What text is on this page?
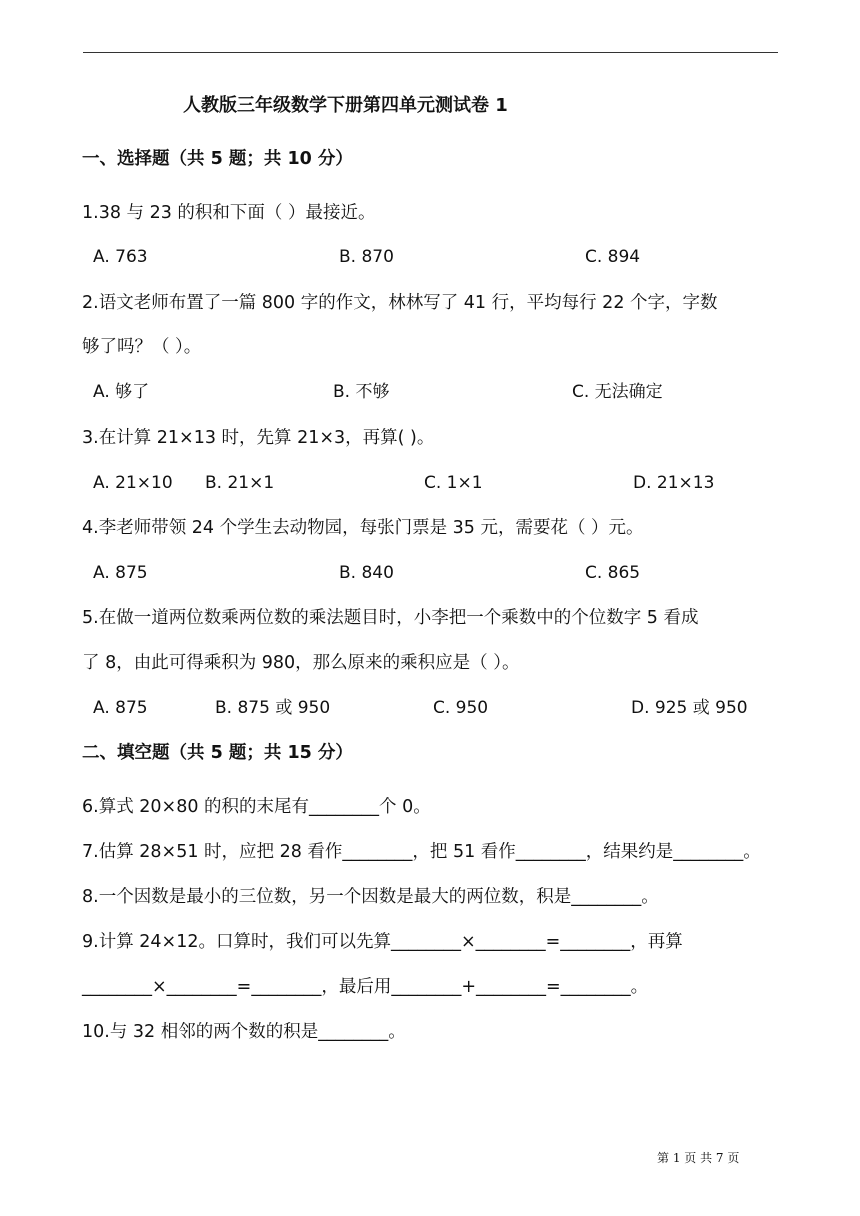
人教版三年级数学下册第四单元测试卷 1
一、选择题（共 5 题；共 10 分）
1.38 与 23 的积和下面（ ）最接近。
A. 763	B. 870	C. 894
2.语文老师布置了一篇 800 字的作文，林林写了 41 行，平均每行 22 个字，字数
够了吗？（ ）。
A. 够了	B. 不够	C. 无法确定
3.在计算 21×13 时，先算 21×3，再算( )。
A. 21×10 B. 21×1	C. 1×1	D. 21×13
4.李老师带领 24 个学生去动物园，每张门票是 35 元，需要花（ ）元。
A. 875	B. 840	C. 865
5.在做一道两位数乘两位数的乘法题目时，小李把一个乘数中的个位数字 5 看成
了 8，由此可得乘积为 980，那么原来的乘积应是（ ）。
A. 875	B. 875 或 950	C. 950	D. 925 或 950
二、填空题（共 5 题；共 15 分）
6.算式 20×80 的积的末尾有________个 0。
7.估算 28×51 时，应把 28 看作________，把 51 看作________，结果约是________。
8.一个因数是最小的三位数，另一个因数是最大的两位数，积是________。
9.计算 24×12。口算时，我们可以先算________×________=________，再算
________×________=________，最后用________+________=________。
10.与 32 相邻的两个数的积是________。
第 1 页 共 7 页
